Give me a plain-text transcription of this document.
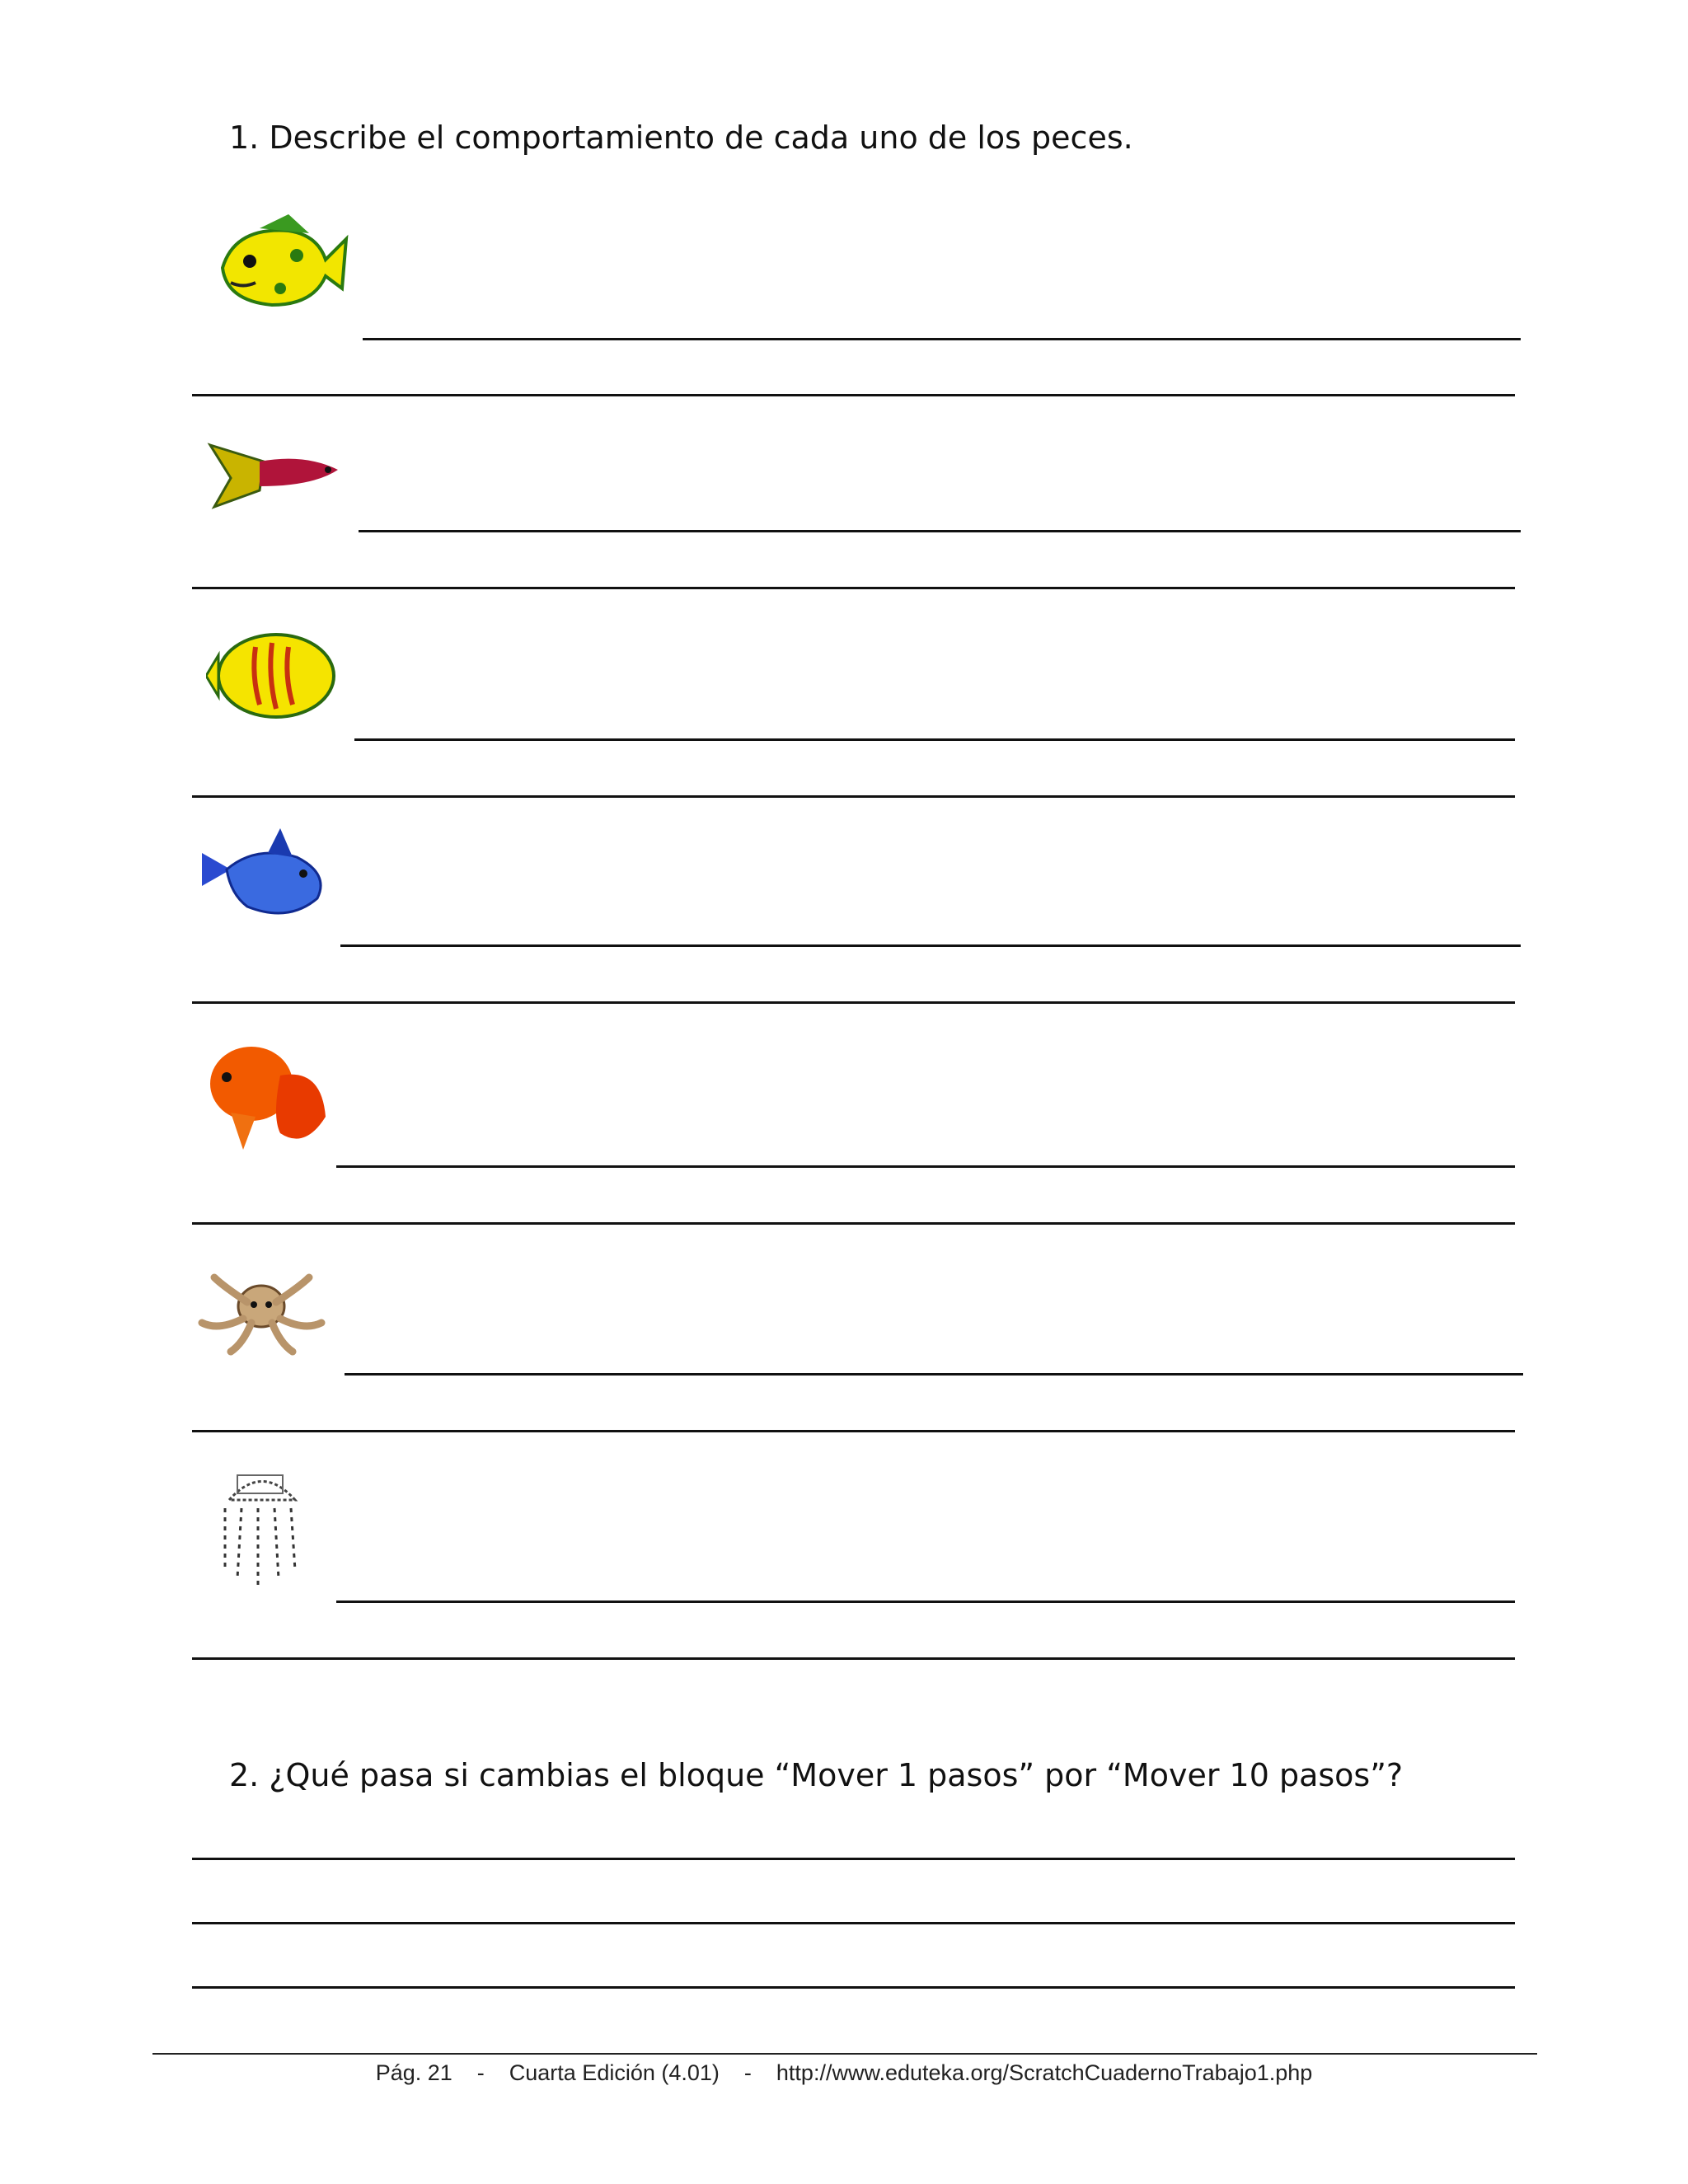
1. Describe el comportamiento de cada uno de los peces.

2. ¿Qué pasa si cambias el bloque “Mover 1 pasos” por “Mover 10 pasos”?

Pág. 21 - Cuarta Edición (4.01) - http://www.eduteka.org/ScratchCuadernoTrabajo1.php
